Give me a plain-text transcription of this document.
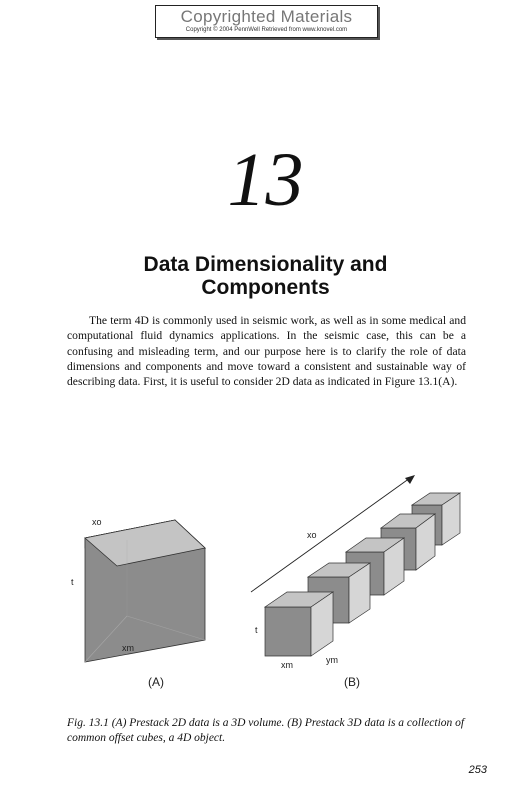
Copyrighted Materials
Copyright © 2004 PennWell Retrieved from www.knovel.com
13
Data Dimensionality and
Components

The term 4D is commonly used in seismic work, as well as in some medical and computational fluid dynamics applications. In the seismic case, this can be a confusing and misleading term, and our purpose here is to clarify the role of data dimensions and components and move toward a consistent and sustainable way of describing data. First, it is useful to consider 2D data as indicated in Figure 13.1(A).

xo
t
xm
(A)
xo
t
xm	ym
(B)

Fig. 13.1 (A) Prestack 2D data is a 3D volume. (B) Prestack 3D data is a collection of common offset cubes, a 4D object.

253
